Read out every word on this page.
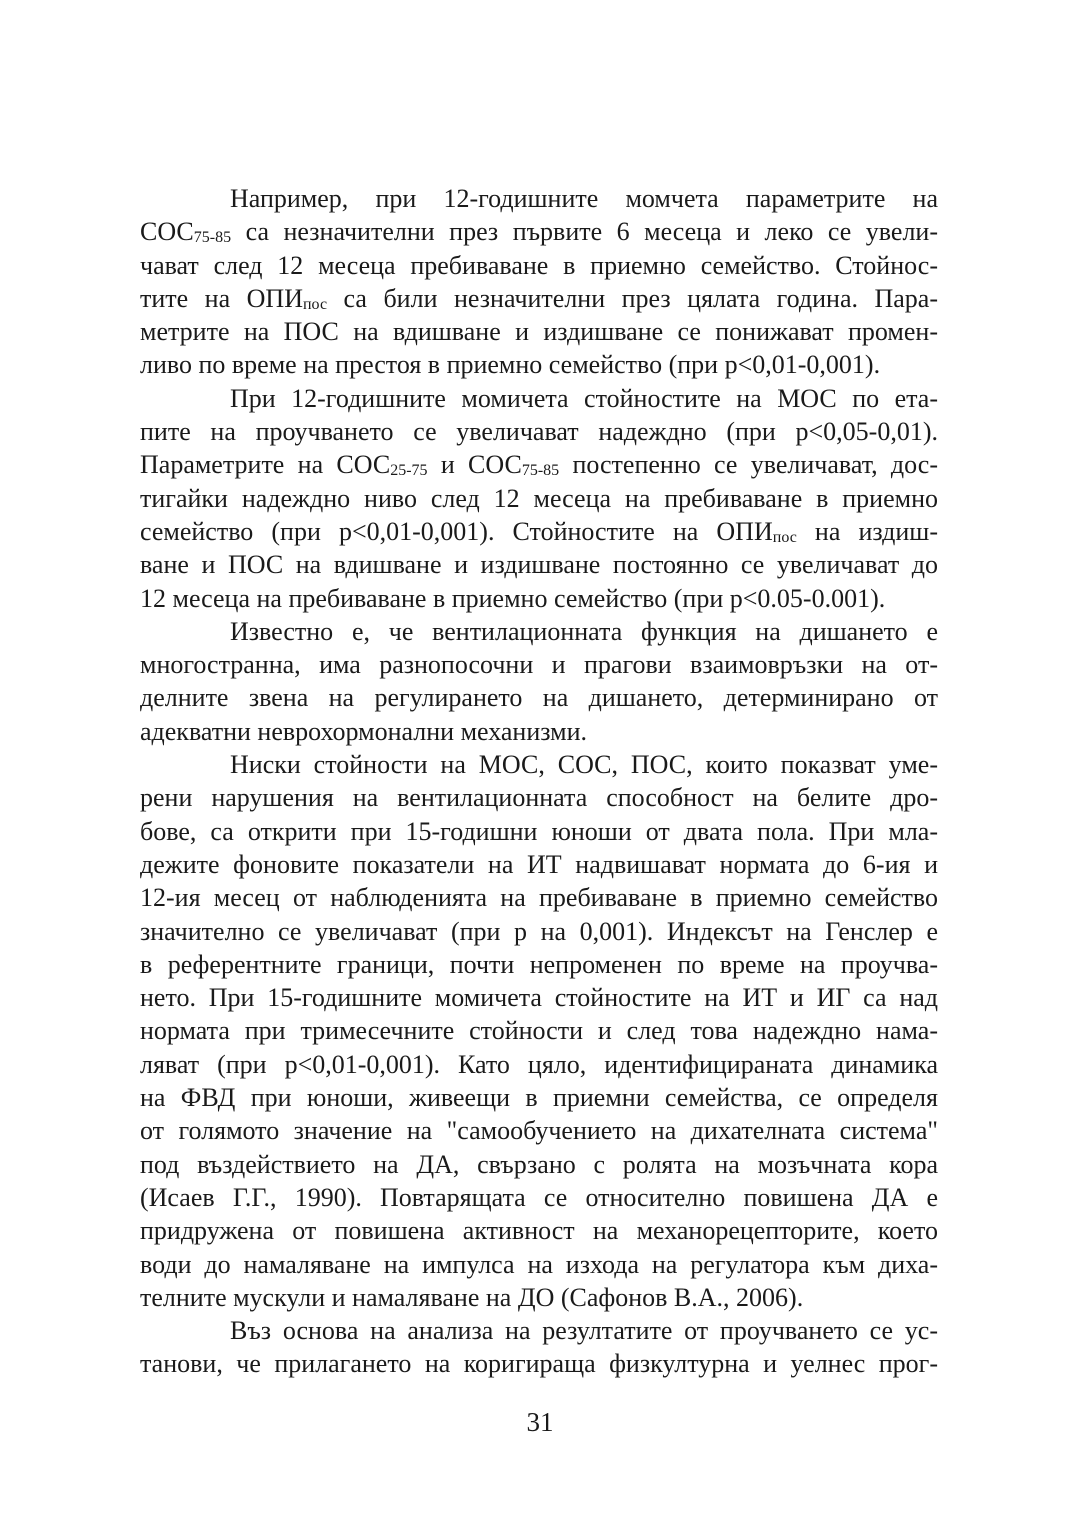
Например, при 12-годишните момчета параметрите на
$СОС_{75-85}$ са незначителни през първите 6 месеца и леко се увели-
чават след 12 месеца пребиваване в приемно семейство. Стойнос-
тите на $ОПИ_{пос}$ са били незначителни през цялата година. Пара-
метрите на ПОС на вдишване и издишване се понижават промен-
ливо по време на престоя в приемно семейство (при р<0,01-0,001).
При 12-годишните момичета стойностите на МОС по ета-
пите на проучването се увеличават надеждно (при р<0,05-0,01).
Параметрите на $СОС_{25-75}$ и $СОС_{75-85}$ постепенно се увеличават, дос-
тигайки надеждно ниво след 12 месеца на пребиваване в приемно
семейство (при р<0,01-0,001). Стойностите на $ОПИ_{пос}$ на издиш-
ване и ПОС на вдишване и издишване постоянно се увеличават до
12 месеца на пребиваване в приемно семейство (при р<0.05-0.001).
Известно е, че вентилационната функция на дишането е
многостранна, има разнопосочни и прагови взаимовръзки на от-
делните звена на регулирането на дишането, детерминирано от
адекватни неврохормонални механизми.
Ниски стойности на МОС, СОС, ПОС, които показват уме-
рени нарушения на вентилационната способност на белите дро-
бове, са открити при 15-годишни юноши от двата пола. При мла-
дежите фоновите показатели на ИТ надвишават нормата до 6-ия и
12-ия месец от наблюденията на пребиваване в приемно семейство
значително се увеличават (при р на 0,001). Индексът на Генслер е
в референтните граници, почти непроменен по време на проучва-
нето. При 15-годишните момичета стойностите на ИТ и ИГ са над
нормата при тримесечните стойности и след това надеждно нама-
ляват (при р<0,01-0,001). Като цяло, идентифицираната динамика
на ФВД при юноши, живеещи в приемни семейства, се определя
от голямото значение на "самообучението на дихателната система"
под въздействието на ДА, свързано с ролята на мозъчната кора
(Исаев Г.Г., 1990). Повтарящата се относително повишена ДА е
придружена от повишена активност на механорецепторите, което
води до намаляване на импулса на изхода на регулатора към диха-
телните мускули и намаляване на ДО (Сафонов В.А., 2006).
Въз основа на анализа на резултатите от проучването се ус-
танови, че прилагането на коригираща физкултурна и уелнес прог-
31
